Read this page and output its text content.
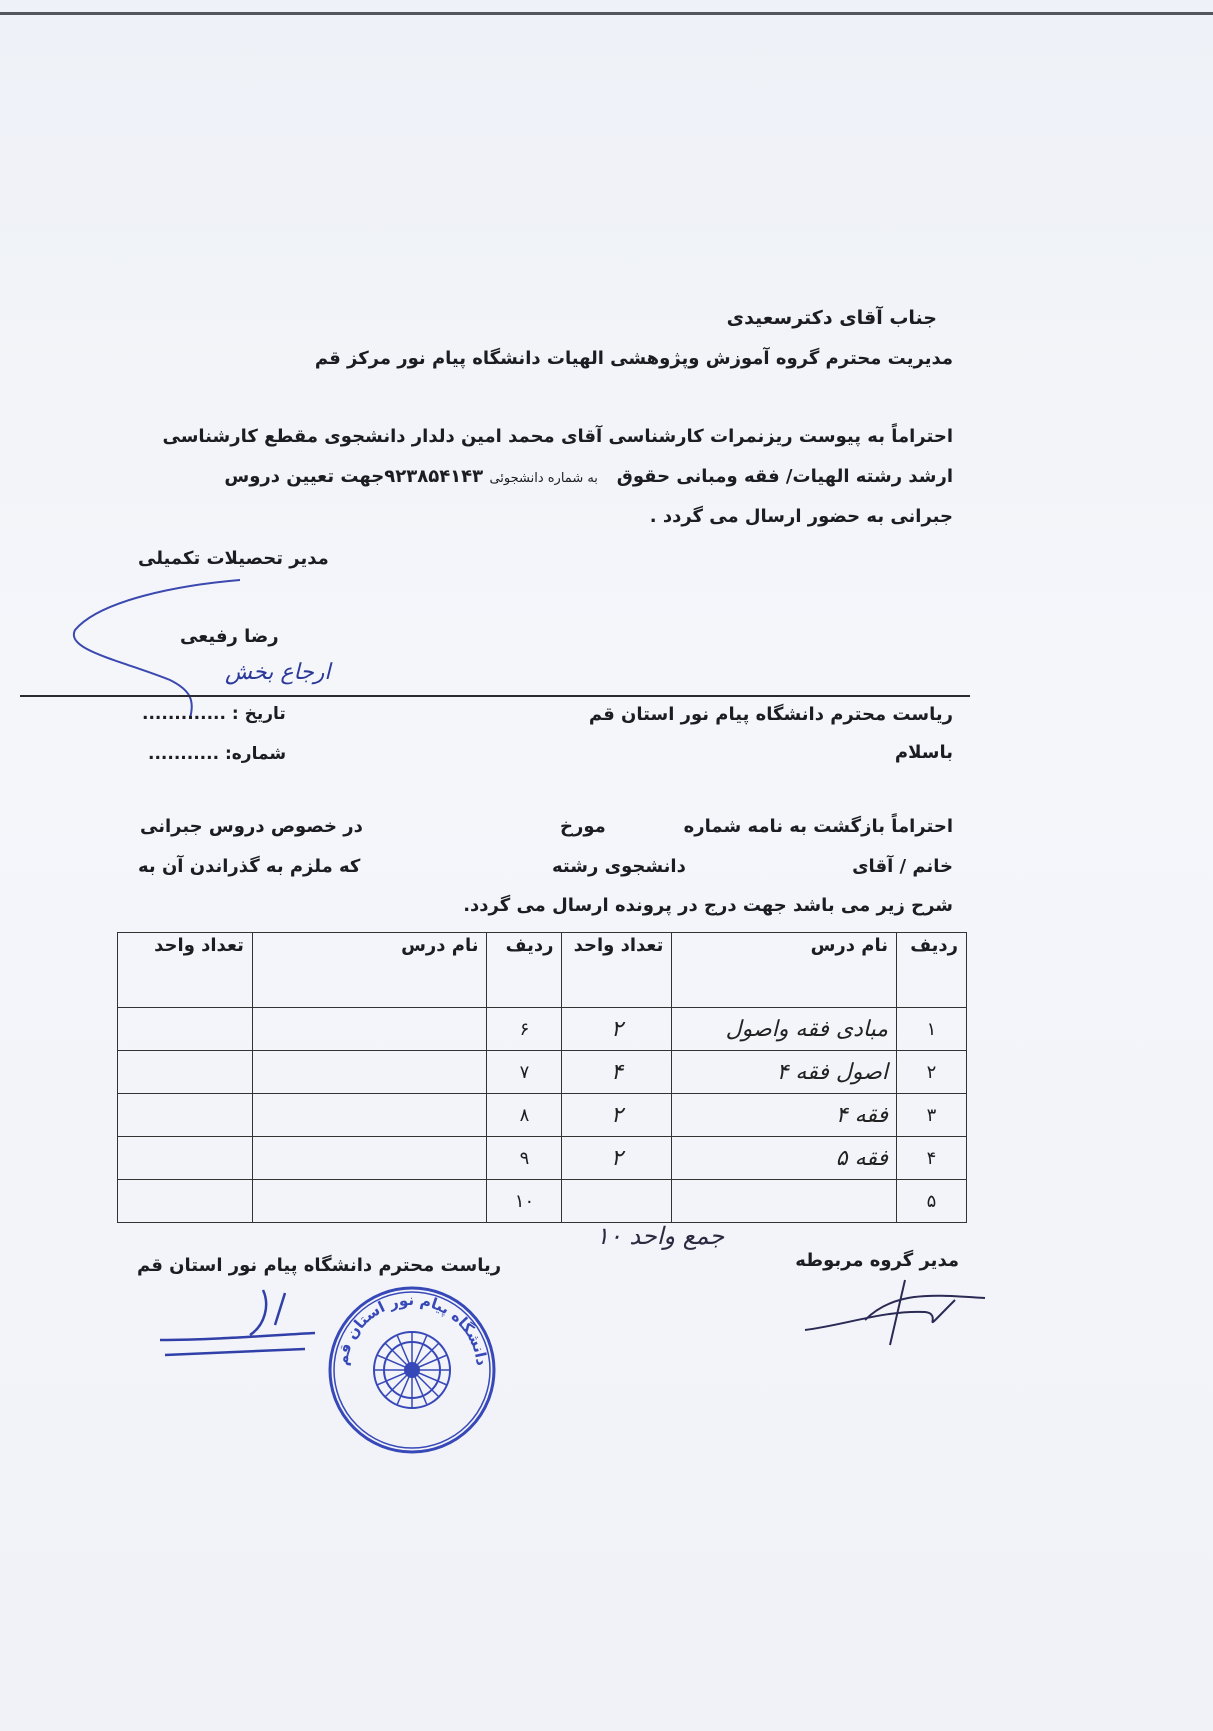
جناب آقای دکترسعیدی
مدیریت محترم گروه آموزش وپژوهشی الهیات دانشگاه پیام نور مرکز قم
احتراماً به پیوست ریزنمرات کارشناسی آقای محمد امین دلدار دانشجوی مقطع کارشناسی
ارشد رشته الهیات/ فقه ومبانی حقوق   به شماره دانشجوئی ۹۲۳۸۵۴۱۴۳جهت تعیین دروس
جبرانی به حضور ارسال می گردد .
مدیر تحصیلات تکمیلی
رضا رفیعی
ارجاع بخش
ریاست محترم دانشگاه پیام نور استان قم
باسلام
تاریخ : .............
شماره: ...........
احتراماً بازگشت به نامه شماره
مورخ
در خصوص دروس جبرانی
خانم / آقای
دانشجوی رشته
که ملزم به گذراندن آن به
شرح زیر می باشد جهت درج در پرونده ارسال می گردد.
ردیف	نام درس	تعداد واحد	ردیف	نام درس	تعداد واحد
۱	مبادی فقه واصول	۲	۶		
۲	اصول فقه ۴	۴	۷		
۳	فقه ۴	۲	۸		
۴	فقه ۵	۲	۹		
۵			۱۰		
جمع واحد ۱۰
مدیر گروه مربوطه
ریاست محترم دانشگاه پیام نور استان قم
دانشگاه پیام نور استان قم
